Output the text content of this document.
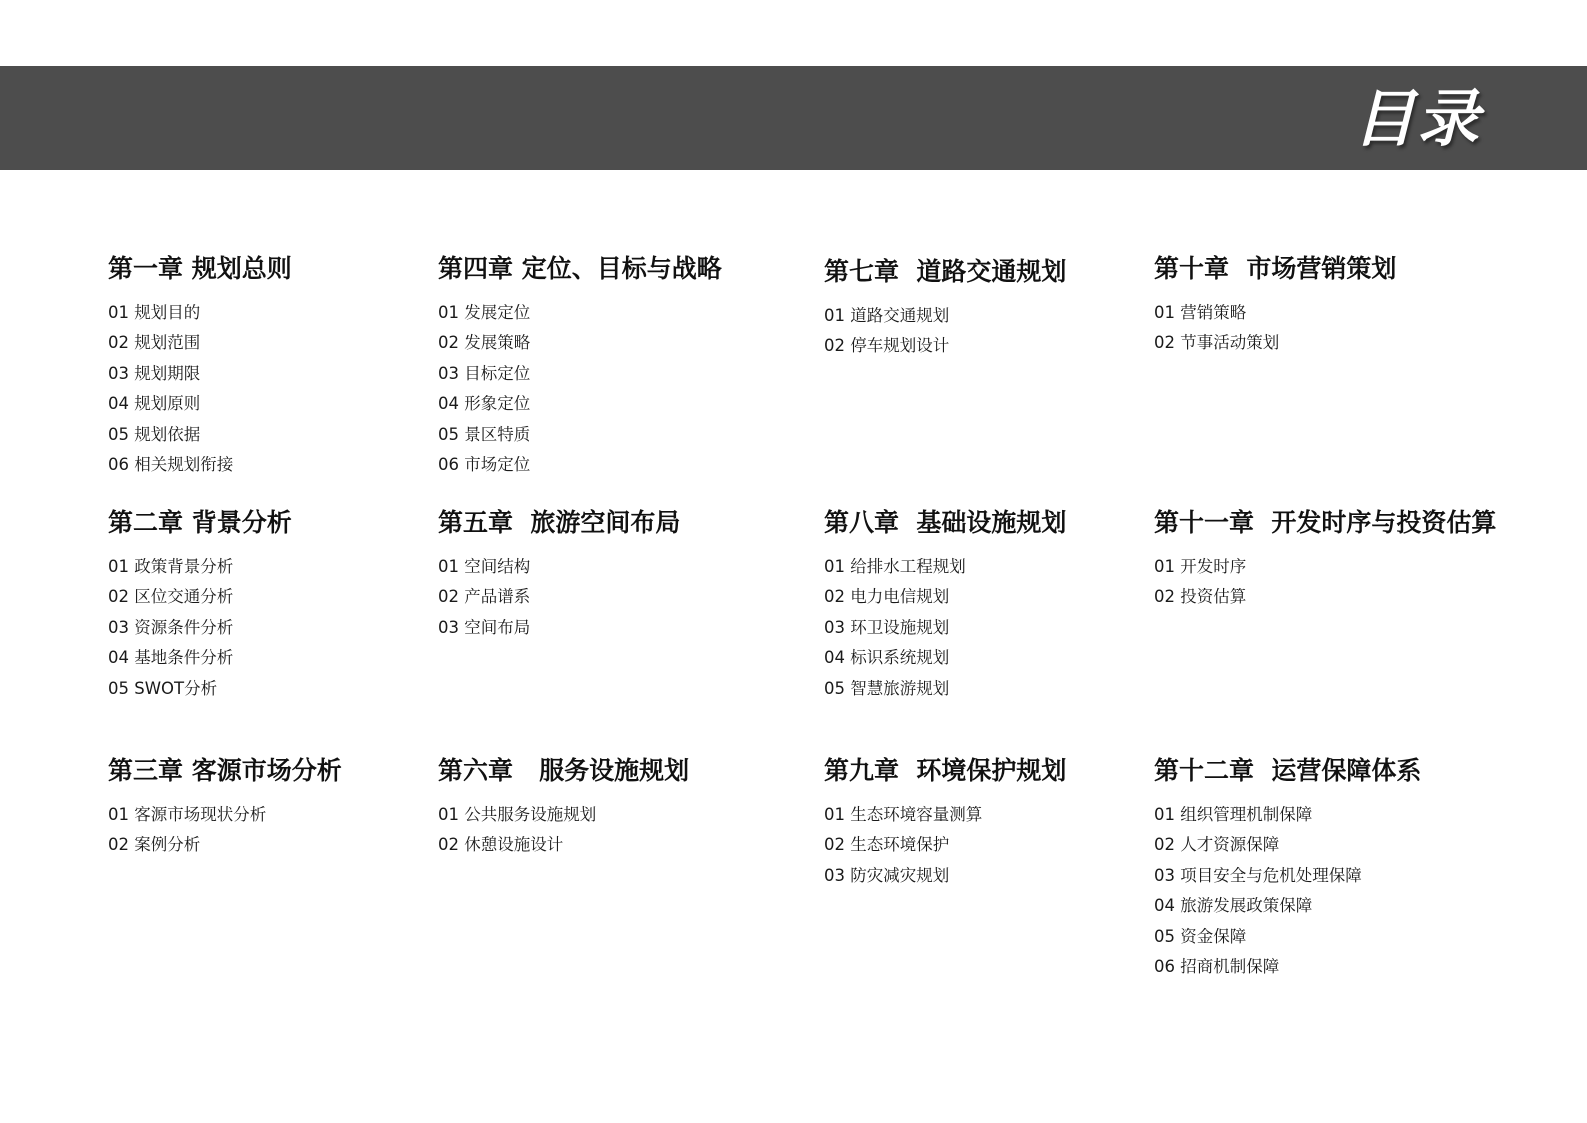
目录
第一章 规划总则
01 规划目的
02 规划范围
03 规划期限
04 规划原则
05 规划依据
06 相关规划衔接
第四章 定位、目标与战略
01 发展定位
02 发展策略
03 目标定位
04 形象定位
05 景区特质
06 市场定位
第七章  道路交通规划
01 道路交通规划
02 停车规划设计
第十章  市场营销策划
01 营销策略
02 节事活动策划
第二章 背景分析
01 政策背景分析
02 区位交通分析
03 资源条件分析
04 基地条件分析
05 SWOT分析
第五章  旅游空间布局
01 空间结构
02 产品谱系
03 空间布局
第八章  基础设施规划
01 给排水工程规划
02 电力电信规划
03 环卫设施规划
04 标识系统规划
05 智慧旅游规划
第十一章  开发时序与投资估算
01 开发时序
02 投资估算
第三章 客源市场分析
01 客源市场现状分析
02 案例分析
第六章   服务设施规划
01 公共服务设施规划
02 休憩设施设计
第九章  环境保护规划
01 生态环境容量测算
02 生态环境保护
03 防灾减灾规划
第十二章  运营保障体系
01 组织管理机制保障
02 人才资源保障
03 项目安全与危机处理保障
04 旅游发展政策保障
05 资金保障
06 招商机制保障
